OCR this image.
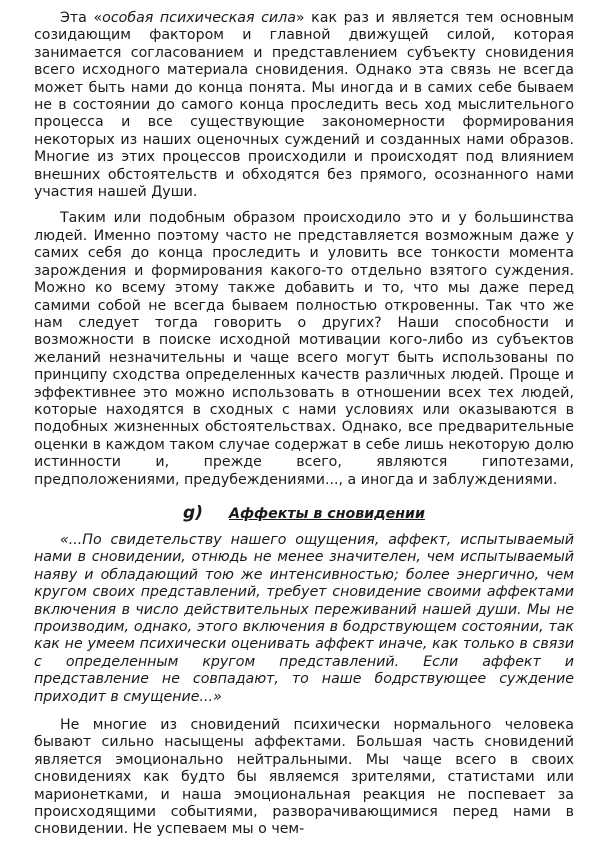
Эта «особая психическая сила» как раз и является тем основным созидающим фактором и главной движущей силой, которая занимается согласованием и представлением субъекту сновидения всего исходного материала сновидения. Однако эта связь не всегда может быть нами до конца понята. Мы иногда и в самих себе бываем не в состоянии до самого конца проследить весь ход мыслительного процесса и все существующие закономерности формирования некоторых из наших оценочных суждений и созданных нами образов. Многие из этих процессов происходили и происходят под влиянием внешних обстоятельств и обходятся без прямого, осознанного нами участия нашей Души.

Таким или подобным образом происходило это и у большинства людей. Именно поэтому часто не представляется возможным даже у самих себя до конца проследить и уловить все тонкости момента зарождения и формирования какого-то отдельно взятого суждения. Можно ко всему этому также добавить и то, что мы даже перед самими собой не всегда бываем полностью откровенны. Так что же нам следует тогда говорить о других? Наши способности и возможности в поиске исходной мотивации кого-либо из субъектов желаний незначительны и чаще всего могут быть использованы по принципу сходства определенных качеств различных людей. Проще и эффективнее это можно использовать в отношении всех тех людей, которые находятся в сходных с нами условиях или оказываются в подобных жизненных обстоятельствах. Однако, все предварительные оценки в каждом таком случае содержат в себе лишь некоторую долю истинности и, прежде всего, являются гипотезами, предположениями, предубеждениями..., а иногда и заблуждениями.

g) Аффекты в сновидении

«...По свидетельству нашего ощущения, аффект, испытываемый нами в сновидении, отнюдь не менее значителен, чем испытываемый наяву и обладающий тою же интенсивностью; более энергично, чем кругом своих представлений, требует сновидение своими аффектами включения в число действительных переживаний нашей души. Мы не производим, однако, этого включения в бодрствующем состоянии, так как не умеем психически оценивать аффект иначе, как только в связи с определенным кругом представлений. Если аффект и представление не совпадают, то наше бодрствующее суждение приходит в смущение...»

Не многие из сновидений психически нормального человека бывают сильно насыщены аффектами. Большая часть сновидений является эмоционально нейтральными. Мы чаще всего в своих сновидениях как будто бы являемся зрителями, статистами или марионетками, и наша эмоциональная реакция не поспевает за происходящими событиями, разворачивающимися перед нами в сновидении. Не успеваем мы о чем-
